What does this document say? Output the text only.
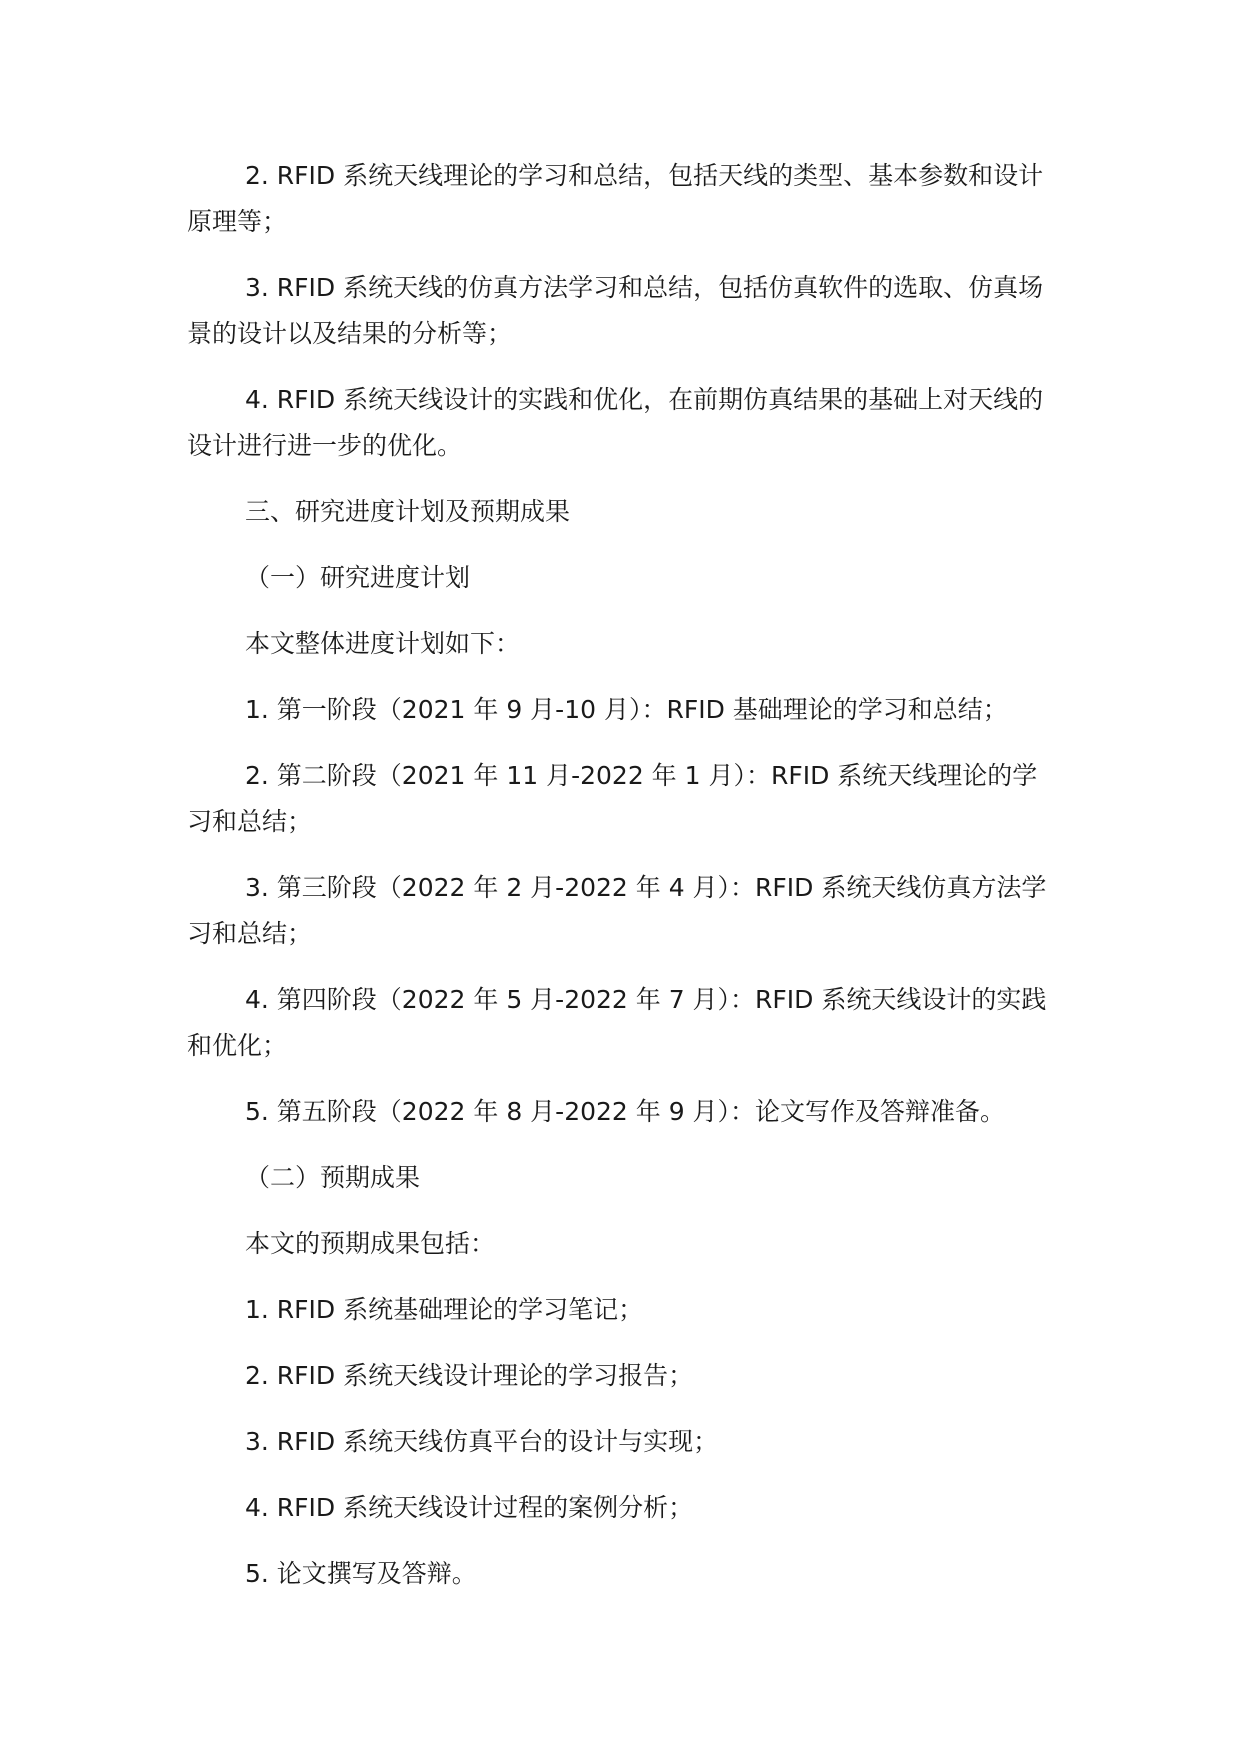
2. RFID 系统天线理论的学习和总结，包括天线的类型、基本参数和设计原理等；

3. RFID 系统天线的仿真方法学习和总结，包括仿真软件的选取、仿真场景的设计以及结果的分析等；

4. RFID 系统天线设计的实践和优化，在前期仿真结果的基础上对天线的设计进行进一步的优化。

三、研究进度计划及预期成果

（一）研究进度计划

本文整体进度计划如下：

1. 第一阶段（2021 年 9 月-10 月）：RFID 基础理论的学习和总结；

2. 第二阶段（2021 年 11 月-2022 年 1 月）：RFID 系统天线理论的学习和总结；

3. 第三阶段（2022 年 2 月-2022 年 4 月）：RFID 系统天线仿真方法学习和总结；

4. 第四阶段（2022 年 5 月-2022 年 7 月）：RFID 系统天线设计的实践和优化；

5. 第五阶段（2022 年 8 月-2022 年 9 月）：论文写作及答辩准备。

（二）预期成果

本文的预期成果包括：

1. RFID 系统基础理论的学习笔记；

2. RFID 系统天线设计理论的学习报告；

3. RFID 系统天线仿真平台的设计与实现；

4. RFID 系统天线设计过程的案例分析；

5. 论文撰写及答辩。
